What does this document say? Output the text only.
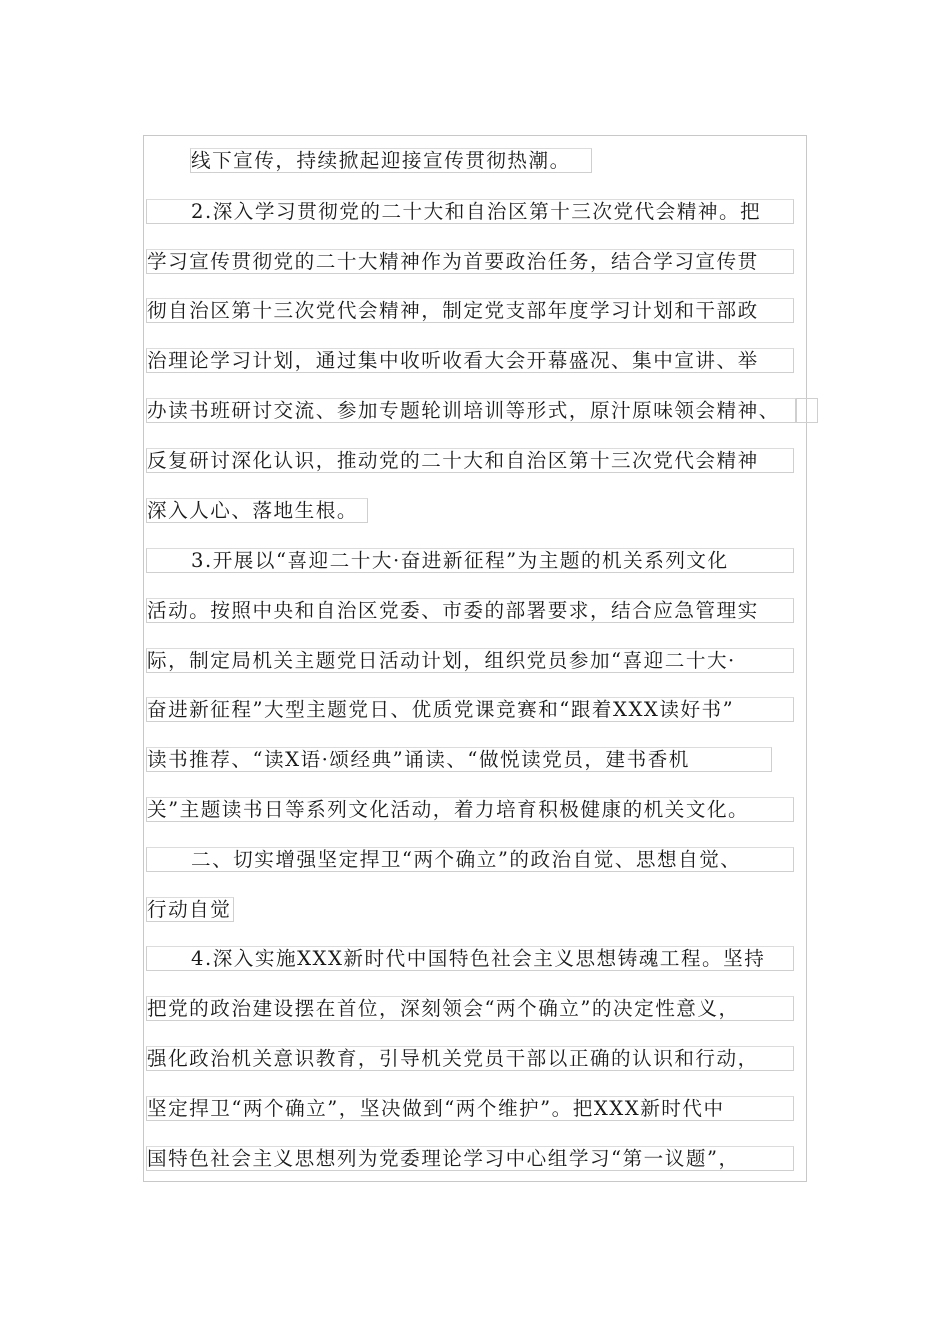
线下宣传，持续掀起迎接宣传贯彻热潮。
2.深入学习贯彻党的二十大和自治区第十三次党代会精神。把
学习宣传贯彻党的二十大精神作为首要政治任务，结合学习宣传贯
彻自治区第十三次党代会精神，制定党支部年度学习计划和干部政
治理论学习计划，通过集中收听收看大会开幕盛况、集中宣讲、举
办读书班研讨交流、参加专题轮训培训等形式，原汁原味领会精神、
反复研讨深化认识，推动党的二十大和自治区第十三次党代会精神
深入人心、落地生根。
3.开展以“喜迎二十大·奋进新征程”为主题的机关系列文化
活动。按照中央和自治区党委、市委的部署要求，结合应急管理实
际，制定局机关主题党日活动计划，组织党员参加“喜迎二十大·
奋进新征程”大型主题党日、优质党课竞赛和“跟着XXX读好书”
读书推荐、“读X语·颂经典”诵读、“做悦读党员，建书香机
关”主题读书日等系列文化活动，着力培育积极健康的机关文化。
二、切实增强坚定捍卫“两个确立”的政治自觉、思想自觉、
行动自觉
4.深入实施XXX新时代中国特色社会主义思想铸魂工程。坚持
把党的政治建设摆在首位，深刻领会“两个确立”的决定性意义，
强化政治机关意识教育，引导机关党员干部以正确的认识和行动，
坚定捍卫“两个确立”，坚决做到“两个维护”。把XXX新时代中
国特色社会主义思想列为党委理论学习中心组学习“第一议题”，
